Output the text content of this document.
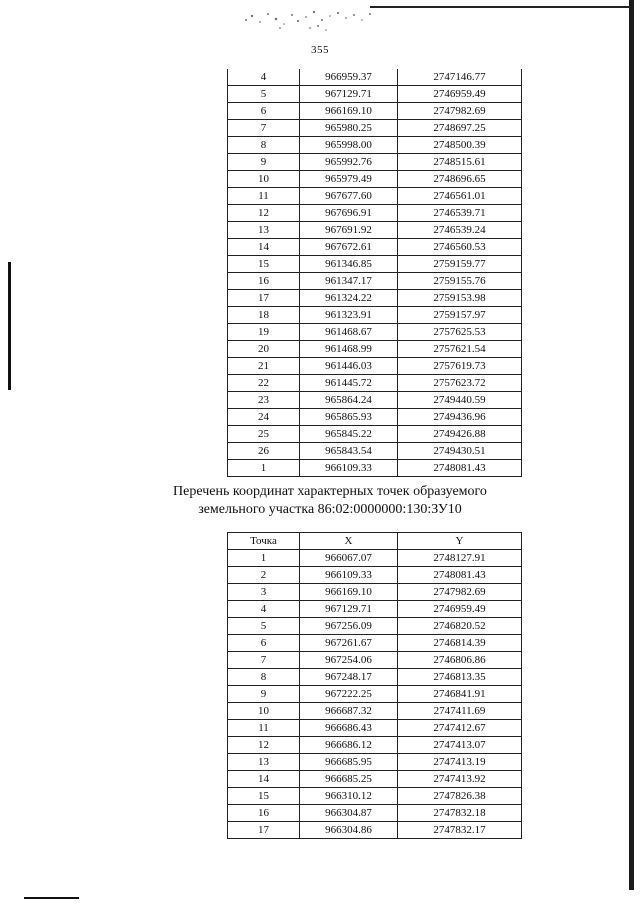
355
4	966959.37	2747146.77
5	967129.71	2746959.49
6	966169.10	2747982.69
7	965980.25	2748697.25
8	965998.00	2748500.39
9	965992.76	2748515.61
10	965979.49	2748696.65
11	967677.60	2746561.01
12	967696.91	2746539.71
13	967691.92	2746539.24
14	967672.61	2746560.53
15	961346.85	2759159.77
16	961347.17	2759155.76
17	961324.22	2759153.98
18	961323.91	2759157.97
19	961468.67	2757625.53
20	961468.99	2757621.54
21	961446.03	2757619.73
22	961445.72	2757623.72
23	965864.24	2749440.59
24	965865.93	2749436.96
25	965845.22	2749426.88
26	965843.54	2749430.51
1	966109.33	2748081.43
Перечень координат характерных точек образуемого
земельного участка 86:02:0000000:130:ЗУ10
Точка	X	Y
1	966067.07	2748127.91
2	966109.33	2748081.43
3	966169.10	2747982.69
4	967129.71	2746959.49
5	967256.09	2746820.52
6	967261.67	2746814.39
7	967254.06	2746806.86
8	967248.17	2746813.35
9	967222.25	2746841.91
10	966687.32	2747411.69
11	966686.43	2747412.67
12	966686.12	2747413.07
13	966685.95	2747413.19
14	966685.25	2747413.92
15	966310.12	2747826.38
16	966304.87	2747832.18
17	966304.86	2747832.17
